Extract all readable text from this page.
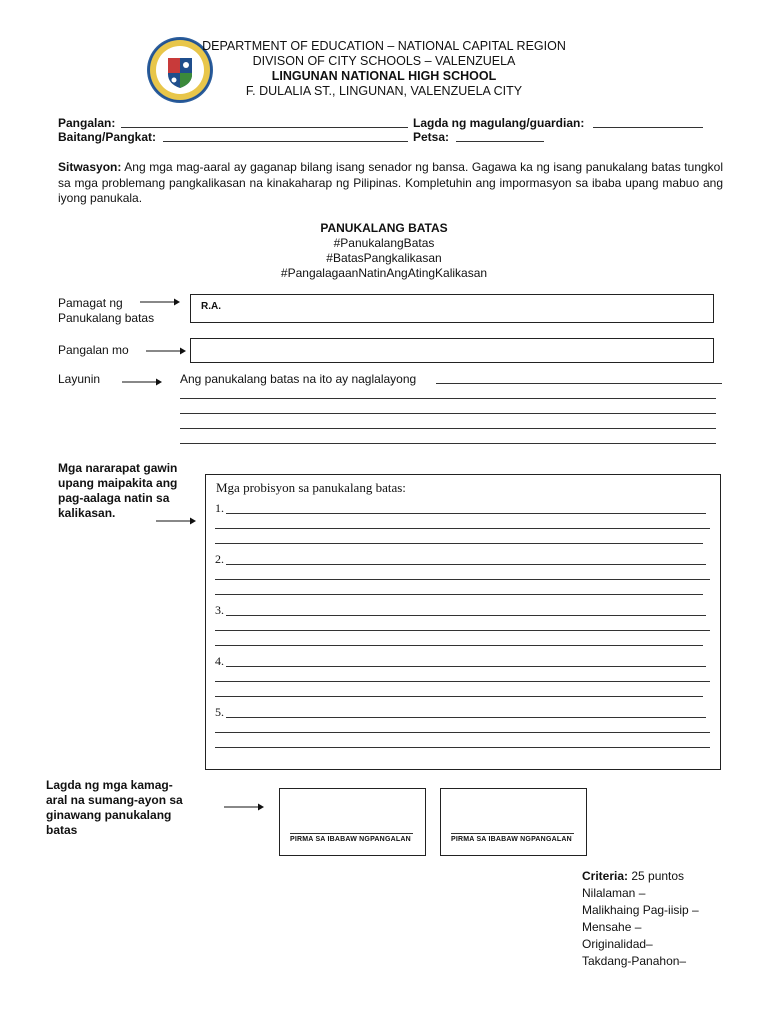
DEPARTMENT OF EDUCATION – NATIONAL CAPITAL REGION
DIVISON OF CITY SCHOOLS – VALENZUELA
LINGUNAN NATIONAL HIGH SCHOOL
F. DULALIA ST., LINGUNAN, VALENZUELA CITY
Pangalan:	Lagda ng magulang/guardian:
Baitang/Pangkat:	Petsa:
Sitwasyon: Ang mga mag-aaral ay gaganap bilang isang senador ng bansa. Gagawa ka ng isang panukalang batas tungkol sa mga problemang pangkalikasan na kinakaharap ng Pilipinas. Kompletuhin ang impormasyon sa ibaba upang mabuo ang iyong panukala.
PANUKALANG BATAS
#PanukalangBatas
#BatasPangkalikasan
#PangalagaanNatinAngAtingKalikasan
Pamagat ng
Panukalang batas
R.A.
Pangalan mo
Layunin	Ang panukalang batas na ito ay naglalayong
Mga nararapat gawin upang maipakita ang pag-aalaga natin sa kalikasan.
Mga probisyon sa panukalang batas:
1.
2.
3.
4.
5.
Lagda ng mga kamag-aral na sumang-ayon sa ginawang panukalang batas
PIRMA SA IBABAW NGPANGALAN	PIRMA SA IBABAW NGPANGALAN
Criteria: 25 puntos
Nilalaman –
Malikhaing Pag-iisip –
Mensahe –
Originalidad–
Takdang-Panahon–
